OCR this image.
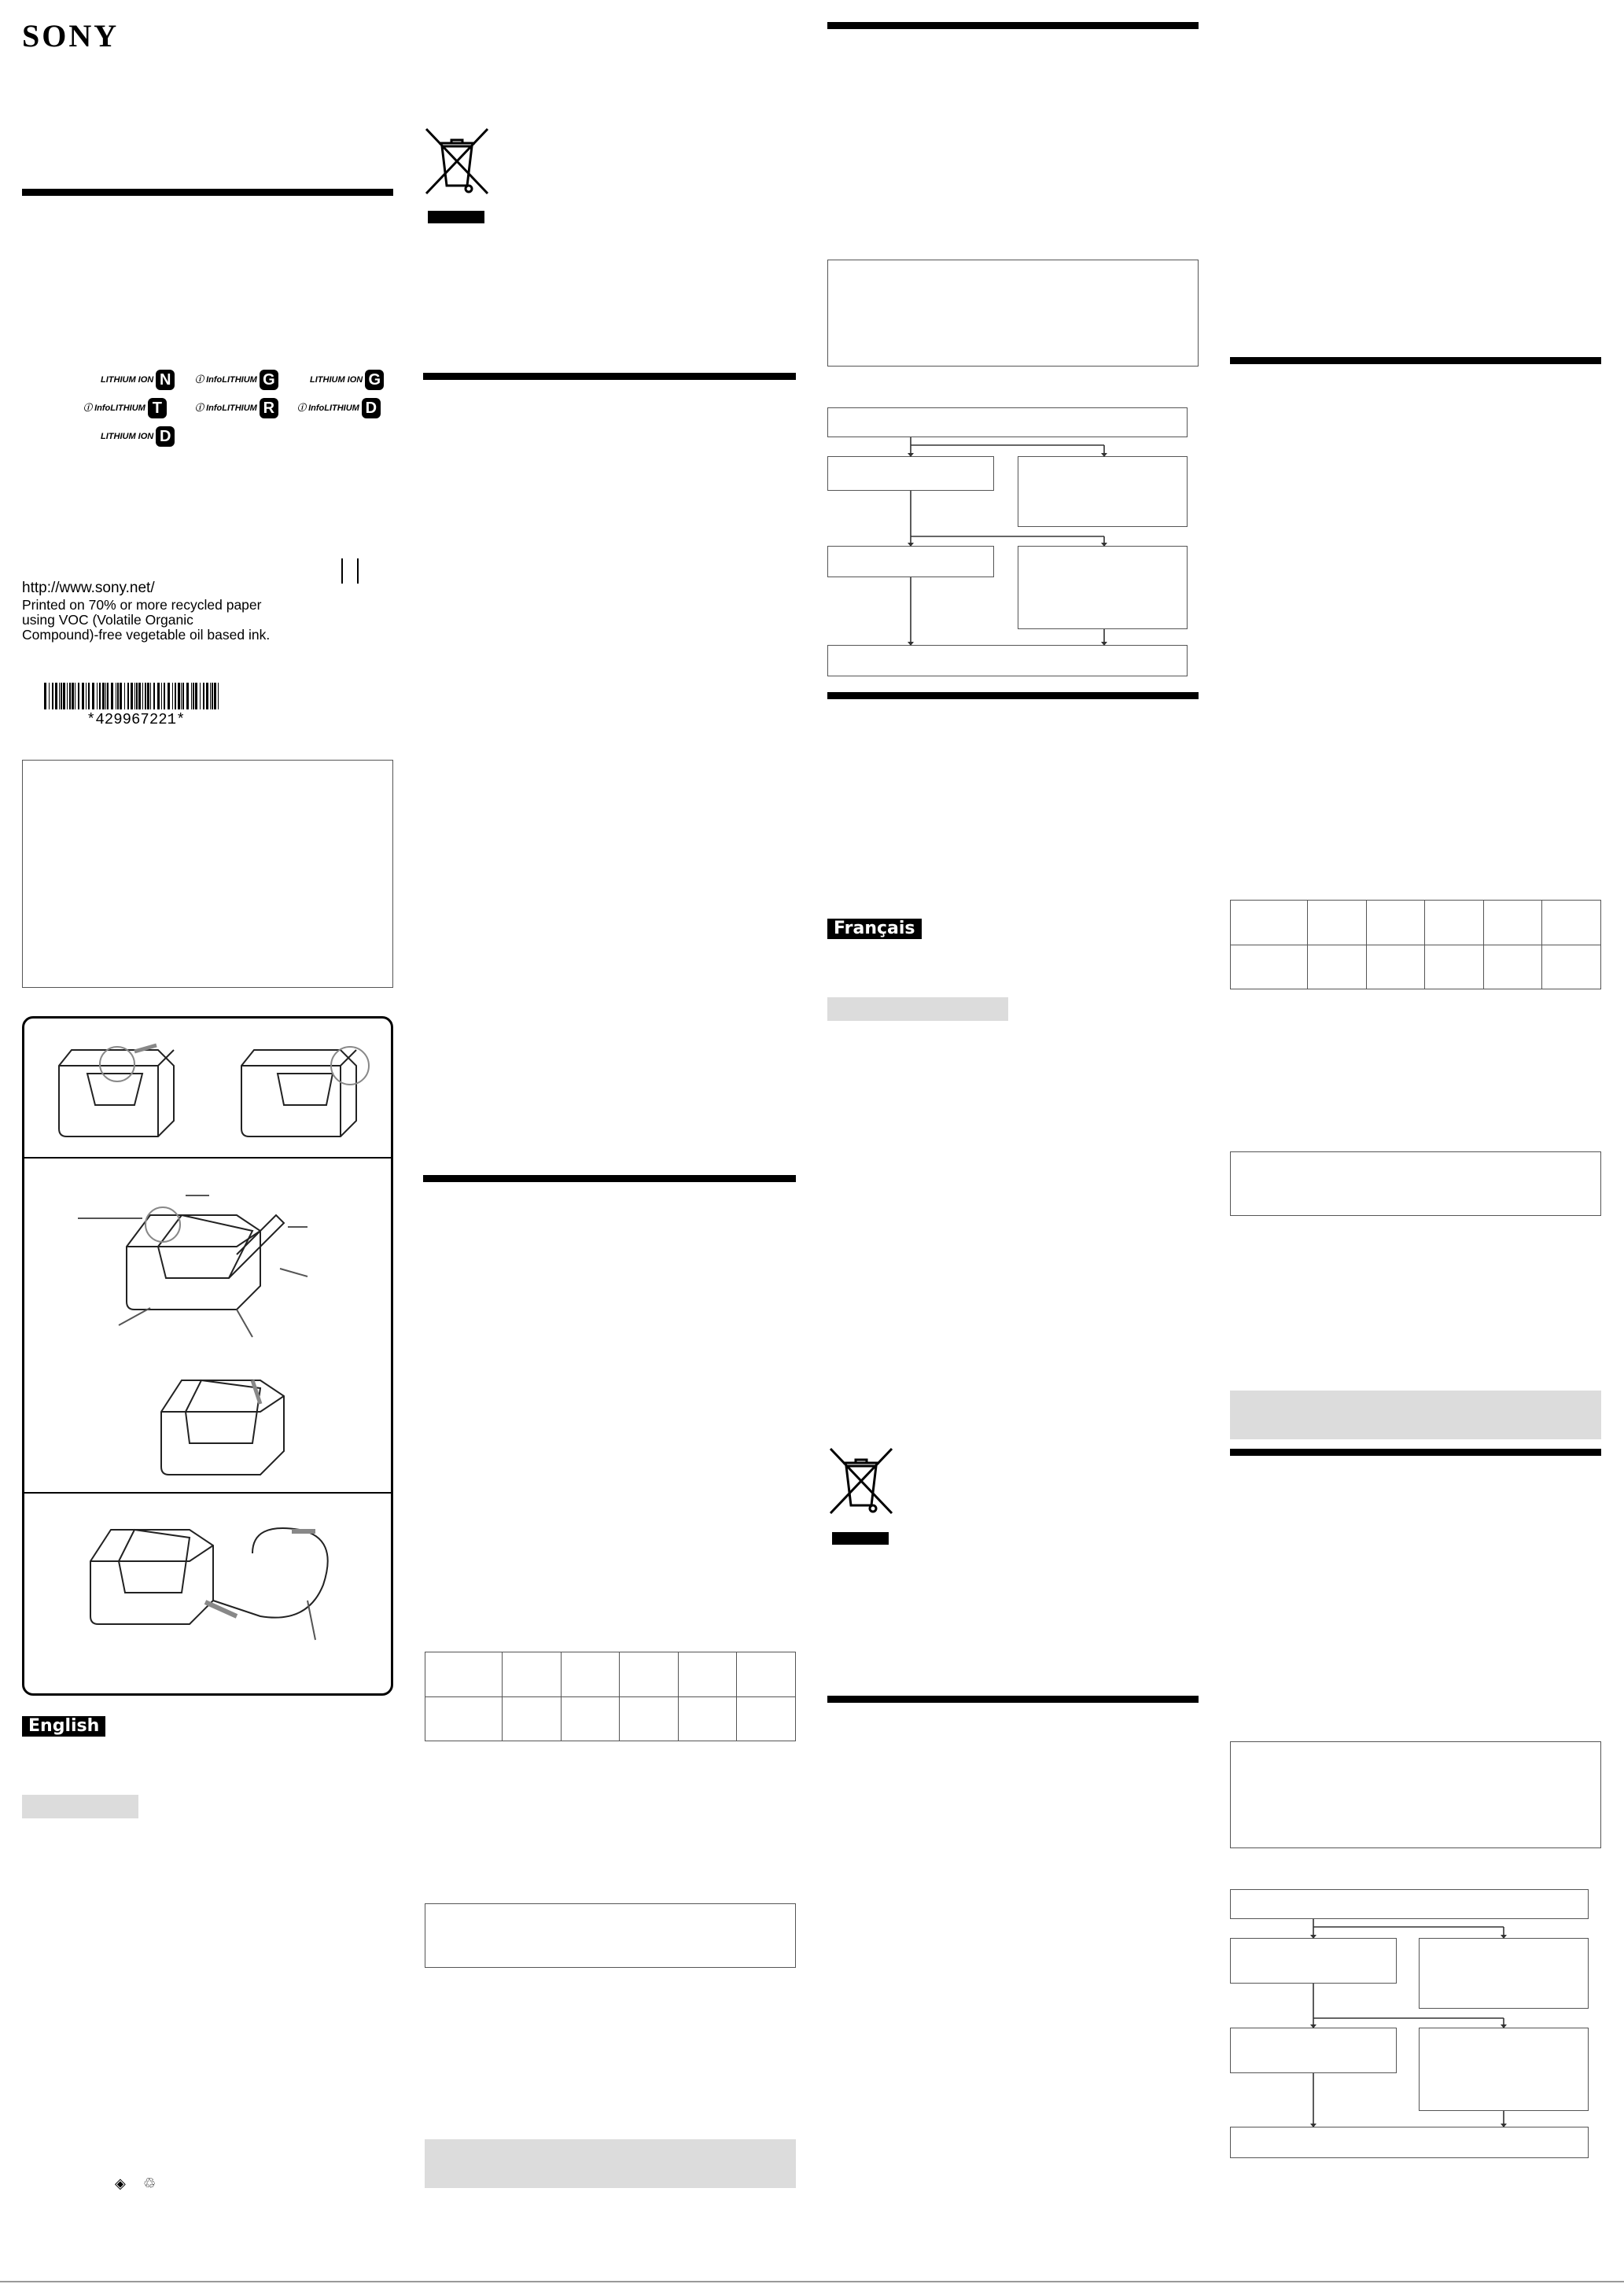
SONY
LITHIUM ION N	ⓘ InfoLITHIUM G	LITHIUM ION G
ⓘ InfoLITHIUM T	ⓘ InfoLITHIUM R	ⓘ InfoLITHIUM D
LITHIUM ION D
http://www.sony.net/
Printed on 70% or more recycled paper
using VOC (Volatile Organic
Compound)-free vegetable oil based ink.
*429967221*
English
◈ ♲

Français
